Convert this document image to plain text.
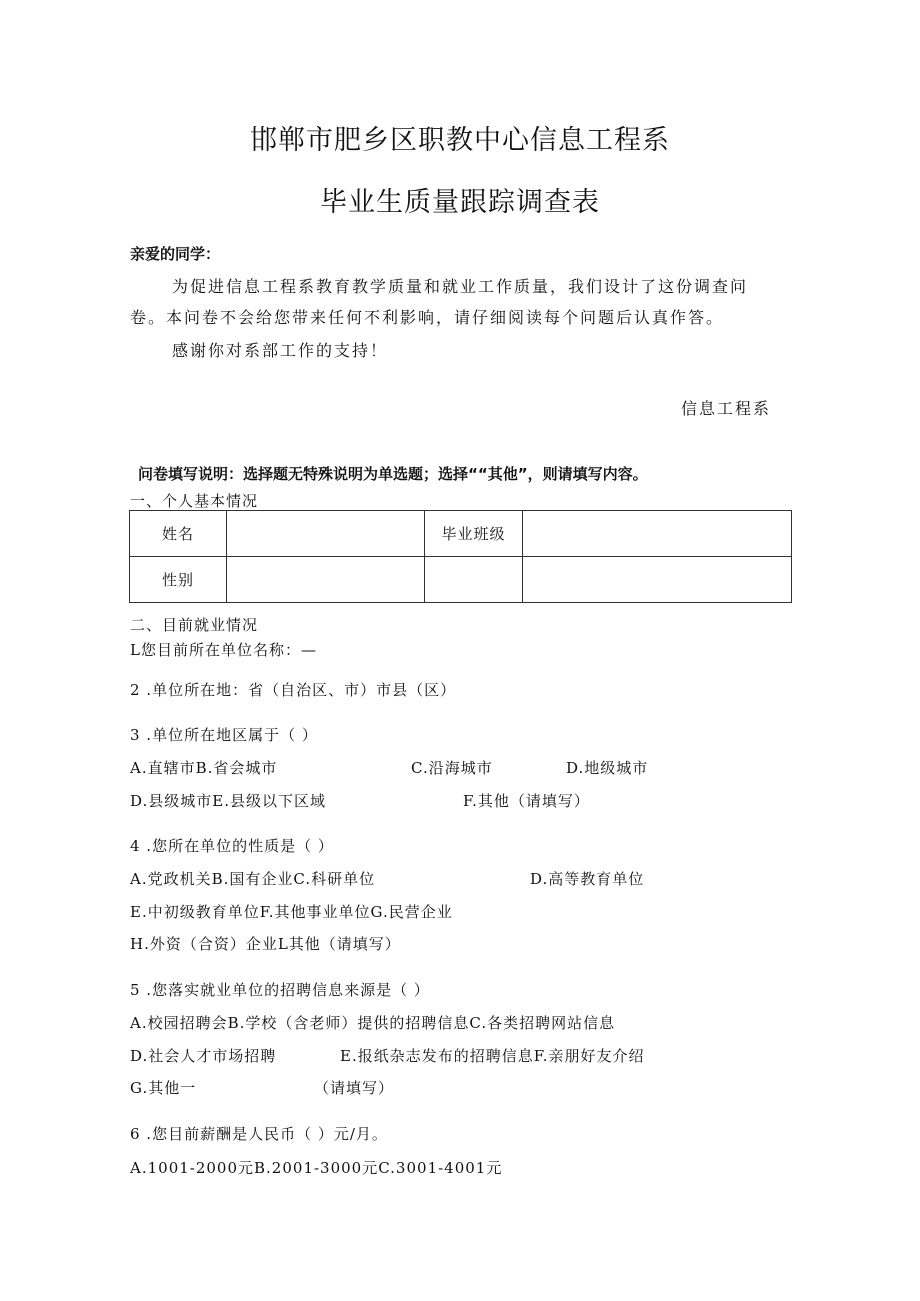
邯郸市肥乡区职教中心信息工程系
毕业生质量跟踪调查表
亲爱的同学：
为促进信息工程系教育教学质量和就业工作质量，我们设计了这份调查问
卷。本问卷不会给您带来任何不利影响，请仔细阅读每个问题后认真作答。
感谢你对系部工作的支持！
信息工程系
问卷填写说明：选择题无特殊说明为单选题；选择““其他”，则请填写内容。
一、个人基本情况
姓名		毕业班级	
性别			
二、目前就业情况
L您目前所在单位名称：—
2 .单位所在地：省（自治区、市）市县（区）
3 .单位所在地区属于（ ）
A.直辖市B.省会城市	C.沿海城市	D.地级城市
D.县级城市E.县级以下区域	F.其他（请填写）
4 .您所在单位的性质是（ ）
A.党政机关B.国有企业C.科研单位	D.高等教育单位
E.中初级教育单位F.其他事业单位G.民营企业
H.外资（合资）企业L其他（请填写）
5 .您落实就业单位的招聘信息来源是（ ）
A.校园招聘会B.学校（含老师）提供的招聘信息C.各类招聘网站信息
D.社会人才市场招聘	E.报纸杂志发布的招聘信息F.亲朋好友介绍
G.其他一	（请填写）
6 .您目前薪酬是人民币（ ）元/月。
A.1001-2000元B.2001-3000元C.3001-4001元
